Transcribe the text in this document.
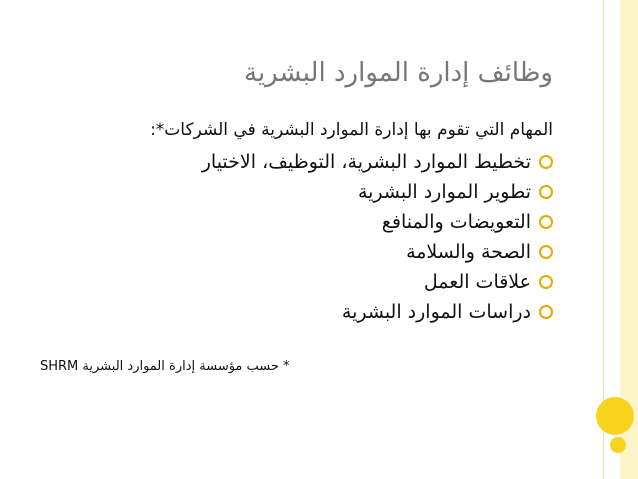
وظائف إدارة الموارد البشرية
المهام التي تقوم بها إدارة الموارد البشرية في الشركات*:
تخطيط الموارد البشرية، التوظيف، الاختيار
تطوير الموارد البشرية
التعويضات والمنافع
الصحة والسلامة
علاقات العمل
دراسات الموارد البشرية
* حسب مؤسسة إدارة الموارد البشرية SHRM
